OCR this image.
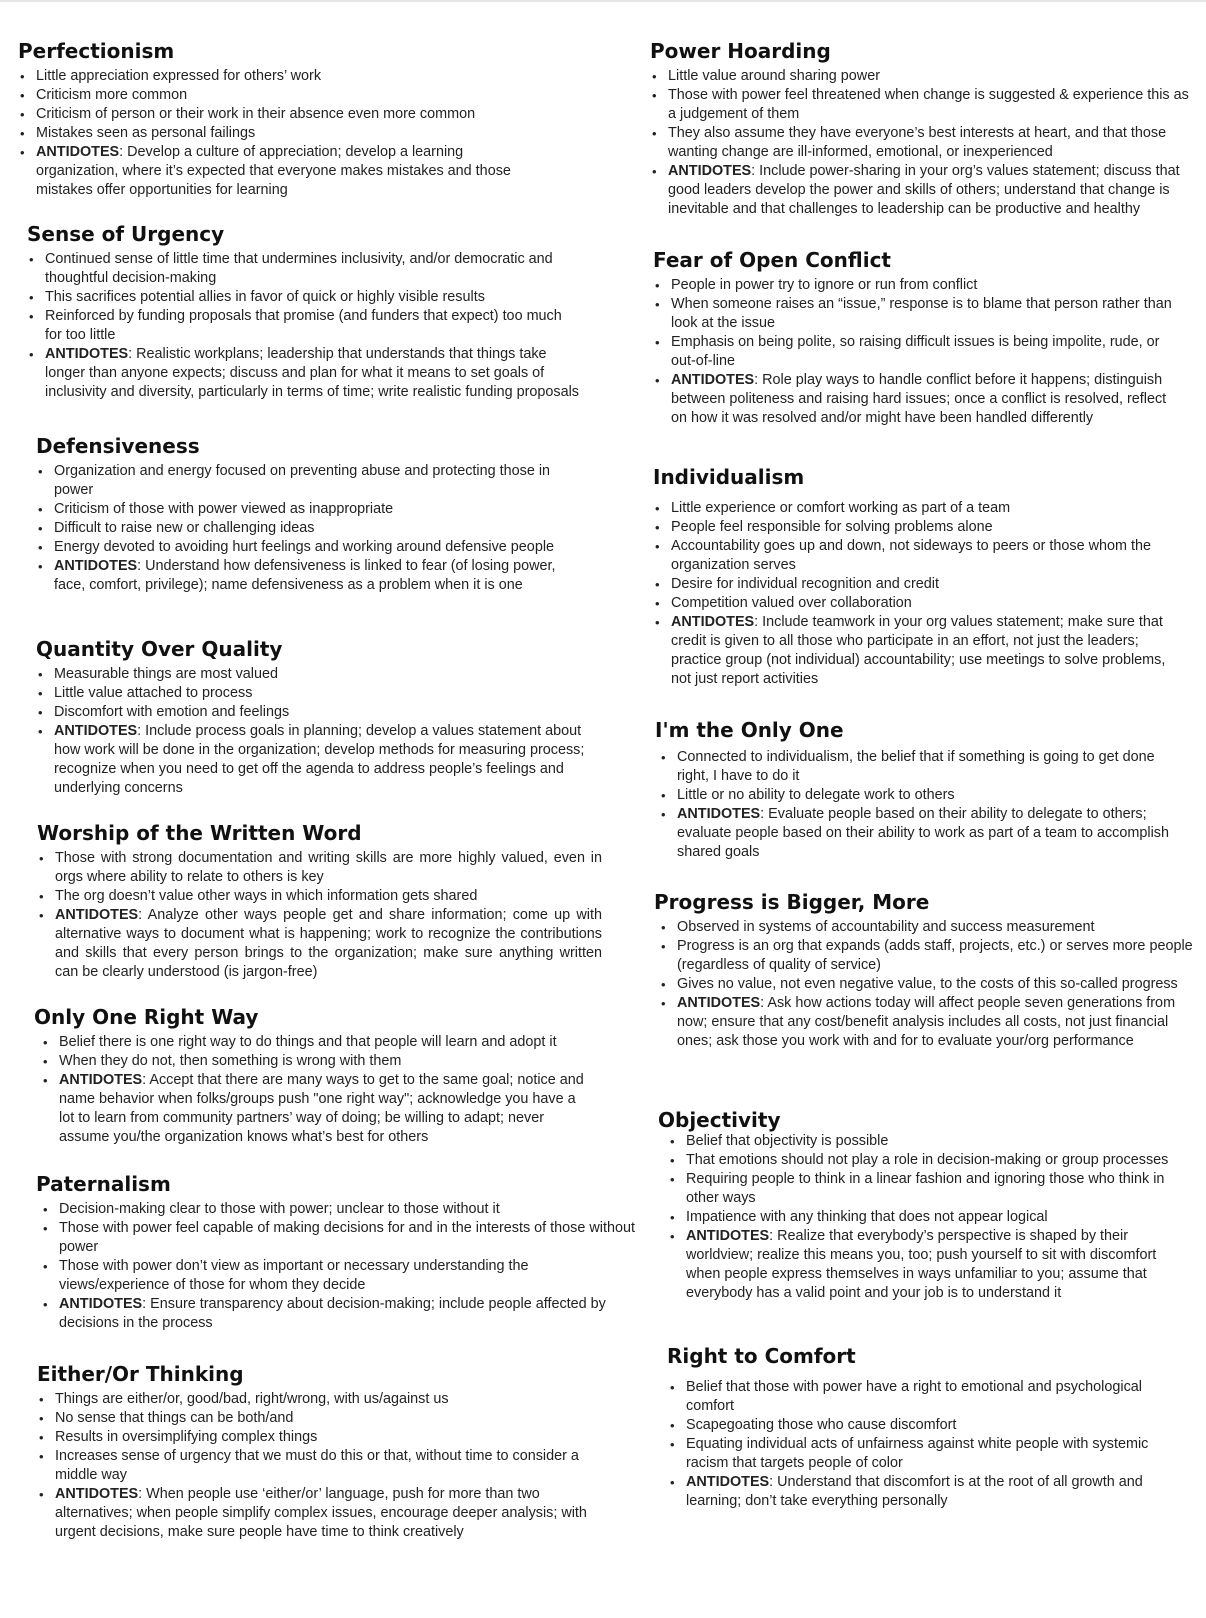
Perfectionism
• Little appreciation expressed for others’ work
• Criticism more common
• Criticism of person or their work in their absence even more common
• Mistakes seen as personal failings
• ANTIDOTES: Develop a culture of appreciation; develop a learning organization, where it’s expected that everyone makes mistakes and those mistakes offer opportunities for learning
Sense of Urgency
• Continued sense of little time that undermines inclusivity, and/or democratic and thoughtful decision-making
• This sacrifices potential allies in favor of quick or highly visible results
• Reinforced by funding proposals that promise (and funders that expect) too much for too little
• ANTIDOTES: Realistic workplans; leadership that understands that things take longer than anyone expects; discuss and plan for what it means to set goals of inclusivity and diversity, particularly in terms of time; write realistic funding proposals
Defensiveness
• Organization and energy focused on preventing abuse and protecting those in power
• Criticism of those with power viewed as inappropriate
• Difficult to raise new or challenging ideas
• Energy devoted to avoiding hurt feelings and working around defensive people
• ANTIDOTES: Understand how defensiveness is linked to fear (of losing power, face, comfort, privilege); name defensiveness as a problem when it is one
Quantity Over Quality
• Measurable things are most valued
• Little value attached to process
• Discomfort with emotion and feelings
• ANTIDOTES: Include process goals in planning; develop a values statement about how work will be done in the organization; develop methods for measuring process; recognize when you need to get off the agenda to address people’s feelings and underlying concerns
Worship of the Written Word
• Those with strong documentation and writing skills are more highly valued, even in orgs where ability to relate to others is key
• The org doesn’t value other ways in which information gets shared
• ANTIDOTES: Analyze other ways people get and share information; come up with alternative ways to document what is happening; work to recognize the contributions and skills that every person brings to the organization; make sure anything written can be clearly understood (is jargon-free)
Only One Right Way
• Belief there is one right way to do things and that people will learn and adopt it
• When they do not, then something is wrong with them
• ANTIDOTES: Accept that there are many ways to get to the same goal; notice and name behavior when folks/groups push "one right way"; acknowledge you have a lot to learn from community partners’ way of doing; be willing to adapt; never assume you/the organization knows what’s best for others
Paternalism
• Decision-making clear to those with power; unclear to those without it
• Those with power feel capable of making decisions for and in the interests of those without power
• Those with power don’t view as important or necessary understanding the views/experience of those for whom they decide
• ANTIDOTES: Ensure transparency about decision-making; include people affected by decisions in the process
Either/Or Thinking
• Things are either/or, good/bad, right/wrong, with us/against us
• No sense that things can be both/and
• Results in oversimplifying complex things
• Increases sense of urgency that we must do this or that, without time to consider a middle way
• ANTIDOTES: When people use ‘either/or’ language, push for more than two alternatives; when people simplify complex issues, encourage deeper analysis; with urgent decisions, make sure people have time to think creatively
Power Hoarding
• Little value around sharing power
• Those with power feel threatened when change is suggested & experience this as a judgement of them
• They also assume they have everyone’s best interests at heart, and that those wanting change are ill-informed, emotional, or inexperienced
• ANTIDOTES: Include power-sharing in your org’s values statement; discuss that good leaders develop the power and skills of others; understand that change is inevitable and that challenges to leadership can be productive and healthy
Fear of Open Conflict
• People in power try to ignore or run from conflict
• When someone raises an “issue,” response is to blame that person rather than look at the issue
• Emphasis on being polite, so raising difficult issues is being impolite, rude, or out-of-line
• ANTIDOTES: Role play ways to handle conflict before it happens; distinguish between politeness and raising hard issues; once a conflict is resolved, reflect on how it was resolved and/or might have been handled differently
Individualism
• Little experience or comfort working as part of a team
• People feel responsible for solving problems alone
• Accountability goes up and down, not sideways to peers or those whom the organization serves
• Desire for individual recognition and credit
• Competition valued over collaboration
• ANTIDOTES: Include teamwork in your org values statement; make sure that credit is given to all those who participate in an effort, not just the leaders; practice group (not individual) accountability; use meetings to solve problems, not just report activities
I'm the Only One
• Connected to individualism, the belief that if something is going to get done right, I have to do it
• Little or no ability to delegate work to others
• ANTIDOTES: Evaluate people based on their ability to delegate to others; evaluate people based on their ability to work as part of a team to accomplish shared goals
Progress is Bigger, More
• Observed in systems of accountability and success measurement
• Progress is an org that expands (adds staff, projects, etc.) or serves more people (regardless of quality of service)
• Gives no value, not even negative value, to the costs of this so-called progress
• ANTIDOTES: Ask how actions today will affect people seven generations from now; ensure that any cost/benefit analysis includes all costs, not just financial ones; ask those you work with and for to evaluate your/org performance
Objectivity
• Belief that objectivity is possible
• That emotions should not play a role in decision-making or group processes
• Requiring people to think in a linear fashion and ignoring those who think in other ways
• Impatience with any thinking that does not appear logical
• ANTIDOTES: Realize that everybody’s perspective is shaped by their worldview; realize this means you, too; push yourself to sit with discomfort when people express themselves in ways unfamiliar to you; assume that everybody has a valid point and your job is to understand it
Right to Comfort
• Belief that those with power have a right to emotional and psychological comfort
• Scapegoating those who cause discomfort
• Equating individual acts of unfairness against white people with systemic racism that targets people of color
• ANTIDOTES: Understand that discomfort is at the root of all growth and learning; don’t take everything personally
